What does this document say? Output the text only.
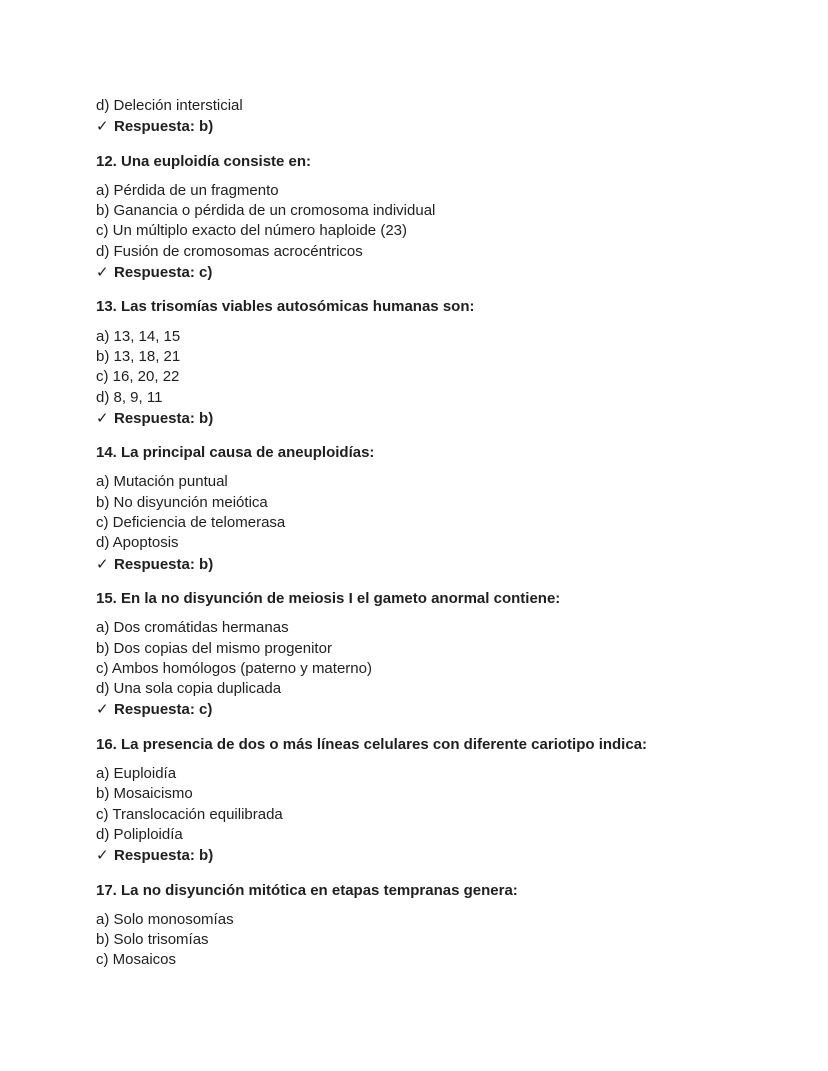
d) Deleción intersticial
✓ Respuesta: b)
12. Una euploidía consiste en:
a) Pérdida de un fragmento
b) Ganancia o pérdida de un cromosoma individual
c) Un múltiplo exacto del número haploide (23)
d) Fusión de cromosomas acrocéntricos
✓ Respuesta: c)
13. Las trisomías viables autosómicas humanas son:
a) 13, 14, 15
b) 13, 18, 21
c) 16, 20, 22
d) 8, 9, 11
✓ Respuesta: b)
14. La principal causa de aneuploidías:
a) Mutación puntual
b) No disyunción meiótica
c) Deficiencia de telomerasa
d) Apoptosis
✓ Respuesta: b)
15. En la no disyunción de meiosis I el gameto anormal contiene:
a) Dos cromátidas hermanas
b) Dos copias del mismo progenitor
c) Ambos homólogos (paterno y materno)
d) Una sola copia duplicada
✓ Respuesta: c)
16. La presencia de dos o más líneas celulares con diferente cariotipo indica:
a) Euploidía
b) Mosaicismo
c) Translocación equilibrada
d) Poliploidía
✓ Respuesta: b)
17. La no disyunción mitótica en etapas tempranas genera:
a) Solo monosomías
b) Solo trisomías
c) Mosaicos
